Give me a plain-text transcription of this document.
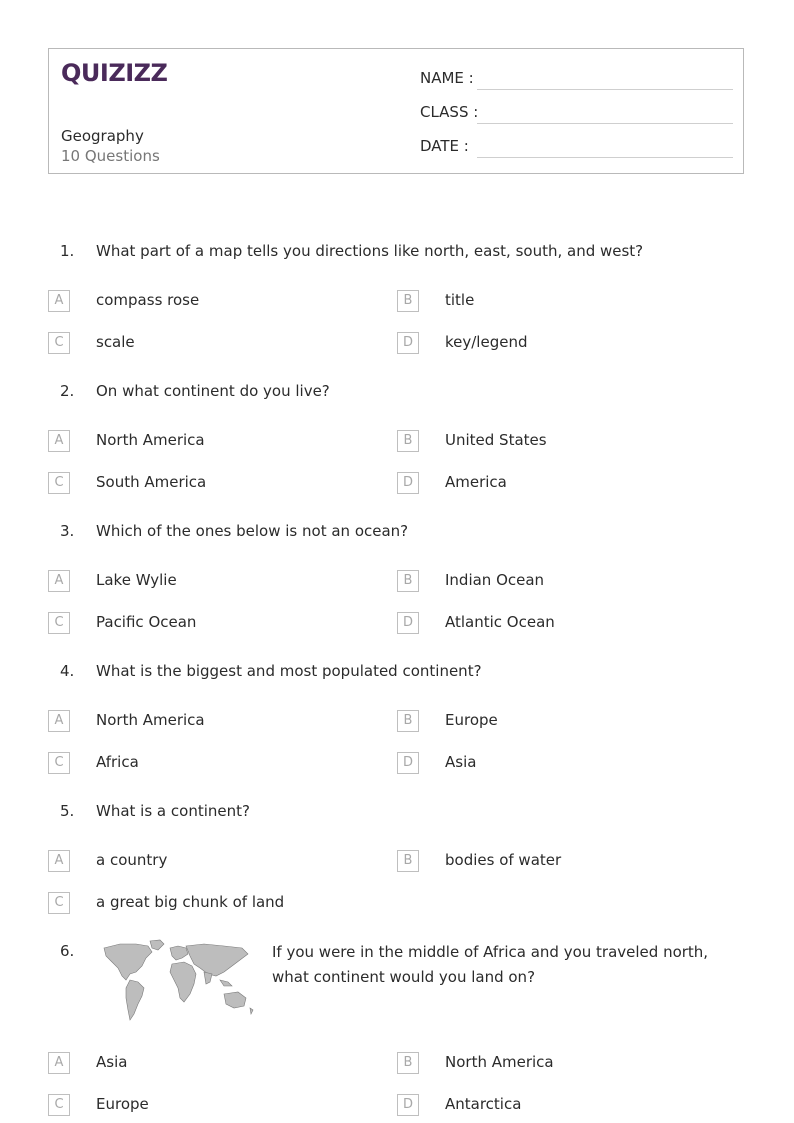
QUIZIZZ
Geography
10 Questions
NAME :
CLASS :
DATE :
1. What part of a map tells you directions like north, east, south, and west?
A	compass rose	B	title
C	scale	D	key/legend
2. On what continent do you live?
A	North America	B	United States
C	South America	D	America
3. Which of the ones below is not an ocean?
A	Lake Wylie	B	Indian Ocean
C	Pacific Ocean	D	Atlantic Ocean
4. What is the biggest and most populated continent?
A	North America	B	Europe
C	Africa	D	Asia
5. What is a continent?
A	a country	B	bodies of water
C	a great big chunk of land
6.	If you were in the middle of Africa and you traveled north, what continent would you land on?
A	Asia	B	North America
C	Europe	D	Antarctica
